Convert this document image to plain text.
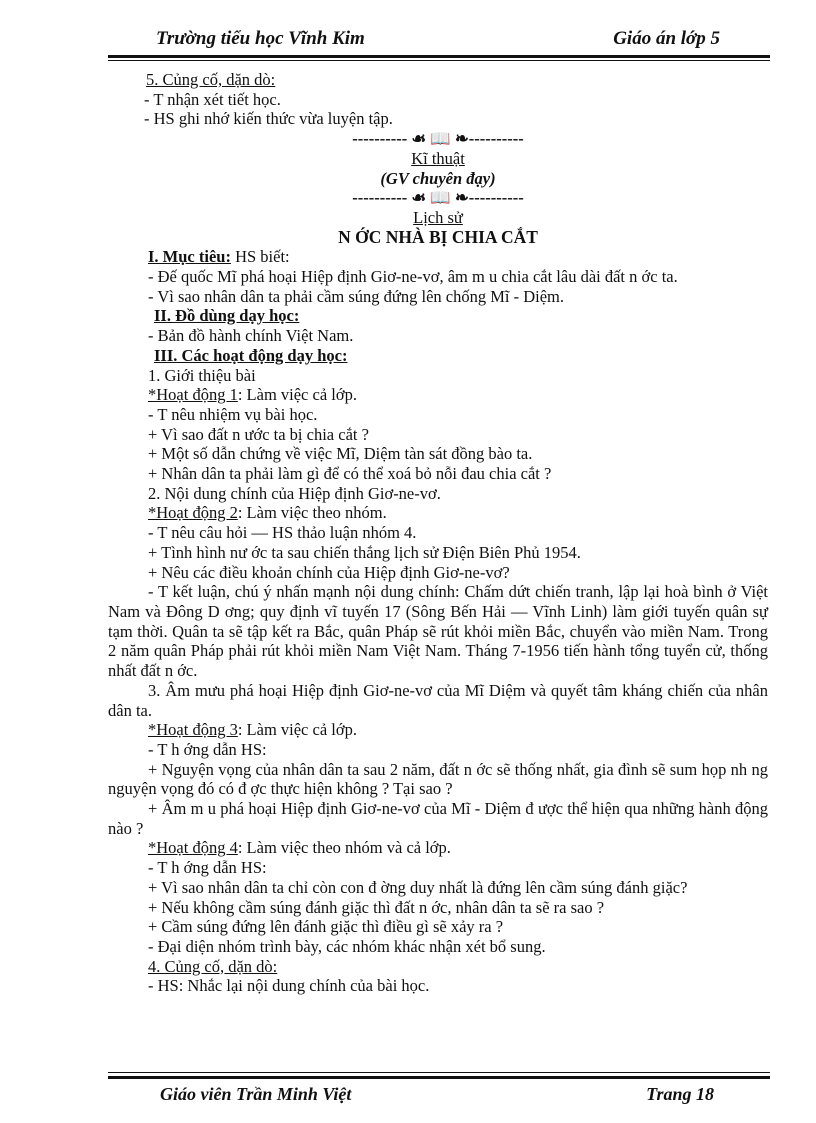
Trường tiểu học Vĩnh Kim	Giáo án lớp 5

5. Củng cố, dặn dò:

- T nhận xét tiết học.

- HS ghi nhớ kiến thức vừa luyện tập.

---------- ☙ 📖 ❧----------

Kĩ thuật

(GV chuyên đạy)

---------- ☙ 📖 ❧----------

Lịch sử

N ỚC NHÀ BỊ CHIA CẮT

I. Mục tiêu: HS biết:

- Đế quốc Mĩ phá hoại Hiệp định Giơ-ne-vơ, âm m u chia cắt lâu dài đất n ớc ta.

- Vì sao nhân dân ta phải cầm súng đứng lên chống Mĩ - Diệm.

II. Đồ dùng dạy học:

- Bản đồ hành chính Việt Nam.

III. Các hoạt động dạy học:

1. Giới thiệu bài

*Hoạt động 1: Làm việc cả lớp.

- T nêu nhiệm vụ bài học.

+ Vì sao đất n ước ta bị chia cắt ?

+ Một số dẫn chứng về việc Mĩ, Diệm tàn sát đồng bào ta.

+ Nhân dân ta phải làm gì để có thể xoá bỏ nỗi đau chia cắt ?

2. Nội dung chính của Hiệp định Giơ-ne-vơ.

*Hoạt động 2: Làm việc theo nhóm.

- T nêu câu hỏi — HS thảo luận nhóm 4.

+ Tình hình nư ớc ta sau chiến thắng lịch sử Điện Biên Phủ 1954.

+ Nêu các điều khoản chính của Hiệp định Giơ-ne-vơ?

- T kết luận, chú ý nhấn mạnh nội dung chính: Chấm dứt chiến tranh, lập lại hoà bình ở Việt Nam và Đông D ơng; quy định vĩ tuyến 17 (Sông Bến Hải — Vĩnh Linh) làm giới tuyến quân sự tạm thời. Quân ta sẽ tập kết ra Bắc, quân Pháp sẽ rút khỏi miền Bắc, chuyển vào miền Nam. Trong 2 năm quân Pháp phải rút khỏi miền Nam Việt Nam. Tháng 7-1956 tiến hành tổng tuyển cử, thống nhất đất n ớc.

3. Âm mưu phá hoại Hiệp định Giơ-ne-vơ của Mĩ Diệm và quyết tâm kháng chiến của nhân dân ta.

*Hoạt động 3: Làm việc cả lớp.

- T h ớng dẫn HS:

+ Nguyện vọng của nhân dân ta sau 2 năm, đất n ớc sẽ thống nhất, gia đình sẽ sum họp nh ng nguyện vọng đó có đ ợc thực hiện không ? Tại sao ?

+ Âm m u phá hoại Hiệp định Giơ-ne-vơ của Mĩ - Diệm đ ược thể hiện qua những hành động nào ?

*Hoạt động 4: Làm việc theo nhóm và cả lớp.

- T h ớng dẫn HS:

+ Vì sao nhân dân ta chỉ còn con đ ờng duy nhất là đứng lên cầm súng đánh giặc?

+ Nếu không cầm súng đánh giặc thì đất n ớc, nhân dân ta sẽ ra sao ?

+ Cầm súng đứng lên đánh giặc thì điều gì sẽ xảy ra ?

- Đại diện nhóm trình bày, các nhóm khác nhận xét bổ sung.

4. Củng cố, dặn dò:

- HS: Nhắc lại nội dung chính của bài học.

Giáo viên Trần Minh Việt	Trang 18
